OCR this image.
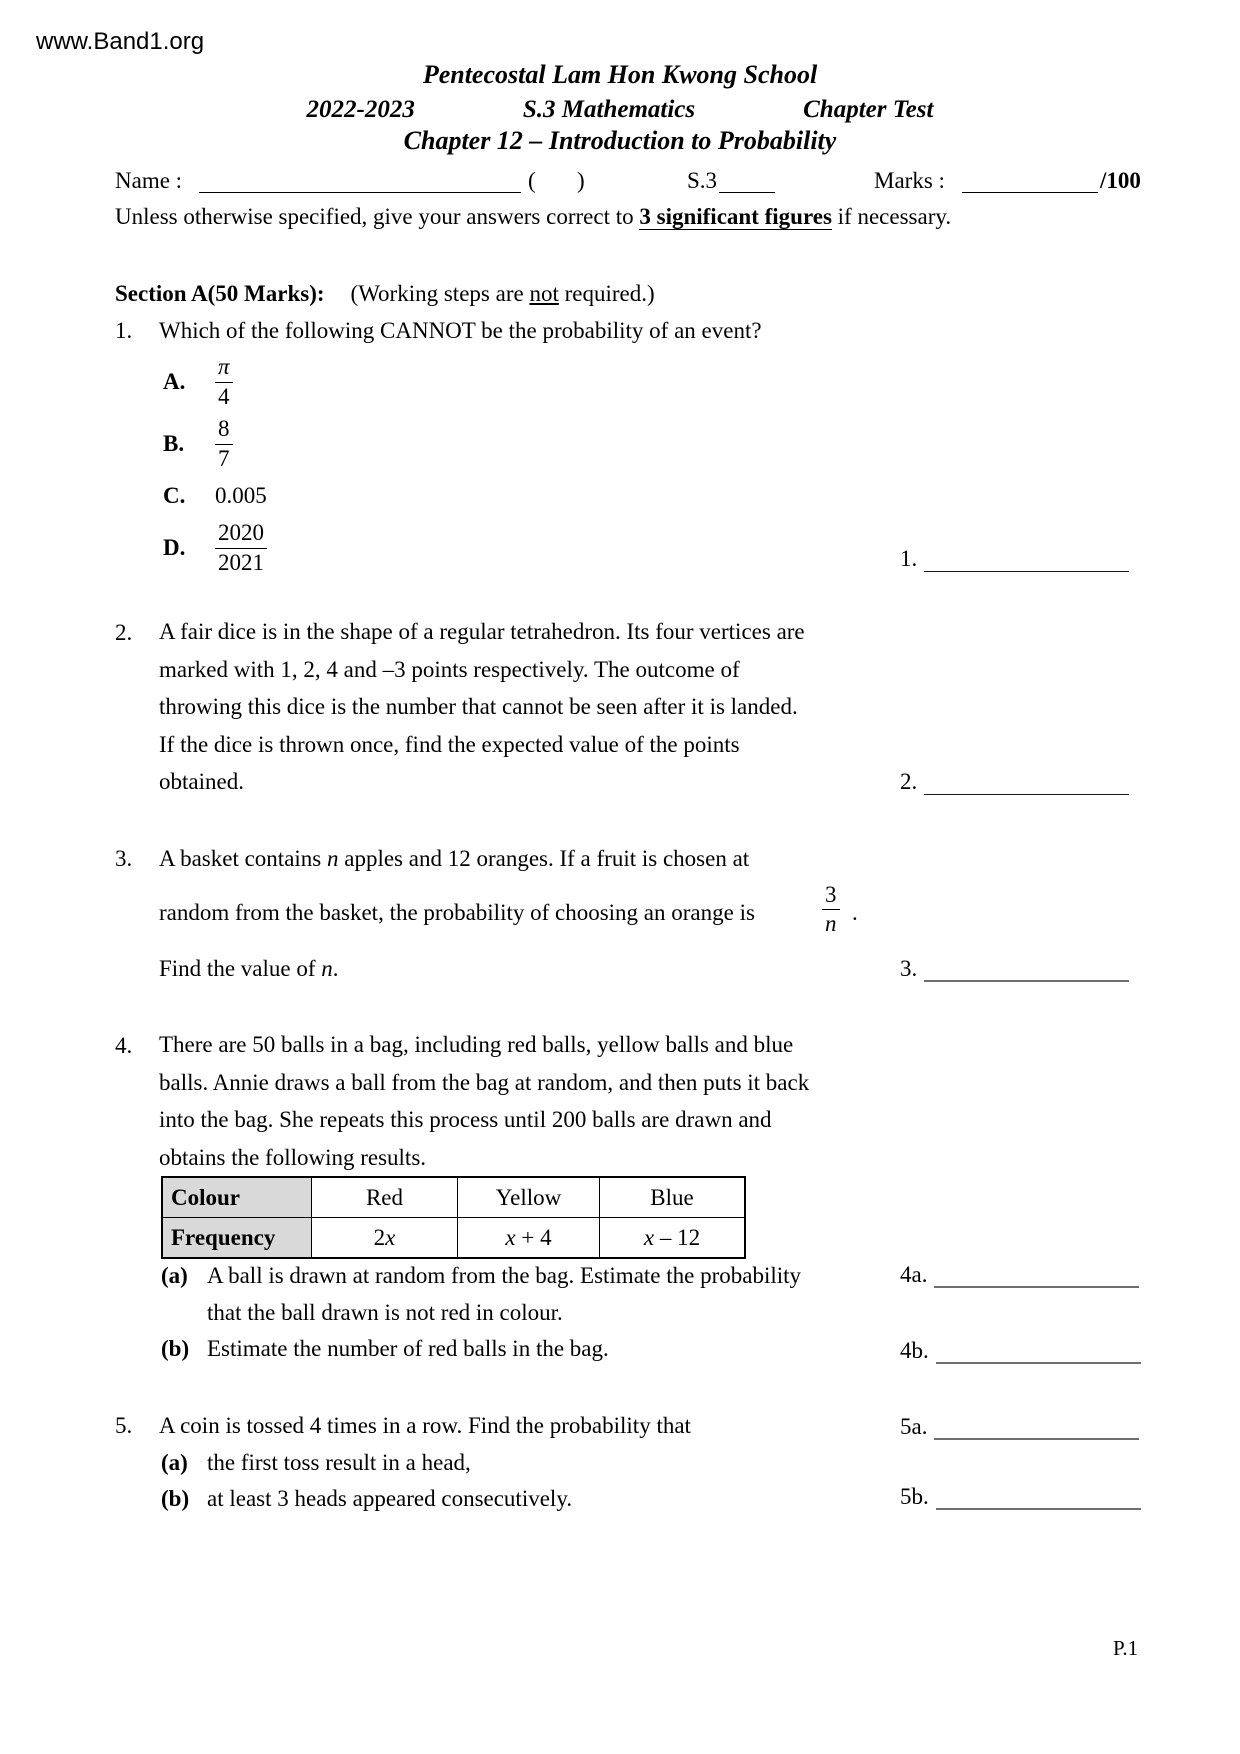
www.Band1.org
Pentecostal Lam Hon Kwong School
2022-2023	S.3 Mathematics	Chapter Test
Chapter 12 – Introduction to Probability
Name :	( )	S.3	Marks :	/100
Unless otherwise specified, give your answers correct to 3 significant figures if necessary.
Section A(50 Marks): (Working steps are not required.)
1. Which of the following CANNOT be the probability of an event?
A.	$\frac{\pi}{4}$
B.	$\frac{8}{7}$
C.	0.005
D.	$\frac{2020}{2021}$	1.
2. A fair dice is in the shape of a regular tetrahedron. Its four vertices are
marked with 1, 2, 4 and –3 points respectively. The outcome of
throwing this dice is the number that cannot be seen after it is landed.
If the dice is thrown once, find the expected value of the points
obtained.	2.
3. A basket contains n apples and 12 oranges. If a fruit is chosen at
random from the basket, the probability of choosing an orange is	$\frac{3}{n}$ .
Find the value of n.	3.
4. There are 50 balls in a bag, including red balls, yellow balls and blue
balls. Annie draws a ball from the bag at random, and then puts it back
into the bag. She repeats this process until 200 balls are drawn and
obtains the following results.
Colour	Red	Yellow	Blue
Frequency	2x	x + 4	x – 12
(a) A ball is drawn at random from the bag. Estimate the probability
that the ball drawn is not red in colour.
4a.
(b) Estimate the number of red balls in the bag.	4b.
5. A coin is tossed 4 times in a row. Find the probability that	5a.
(a) the first toss result in a head,
(b) at least 3 heads appeared consecutively.	5b.
P.1
